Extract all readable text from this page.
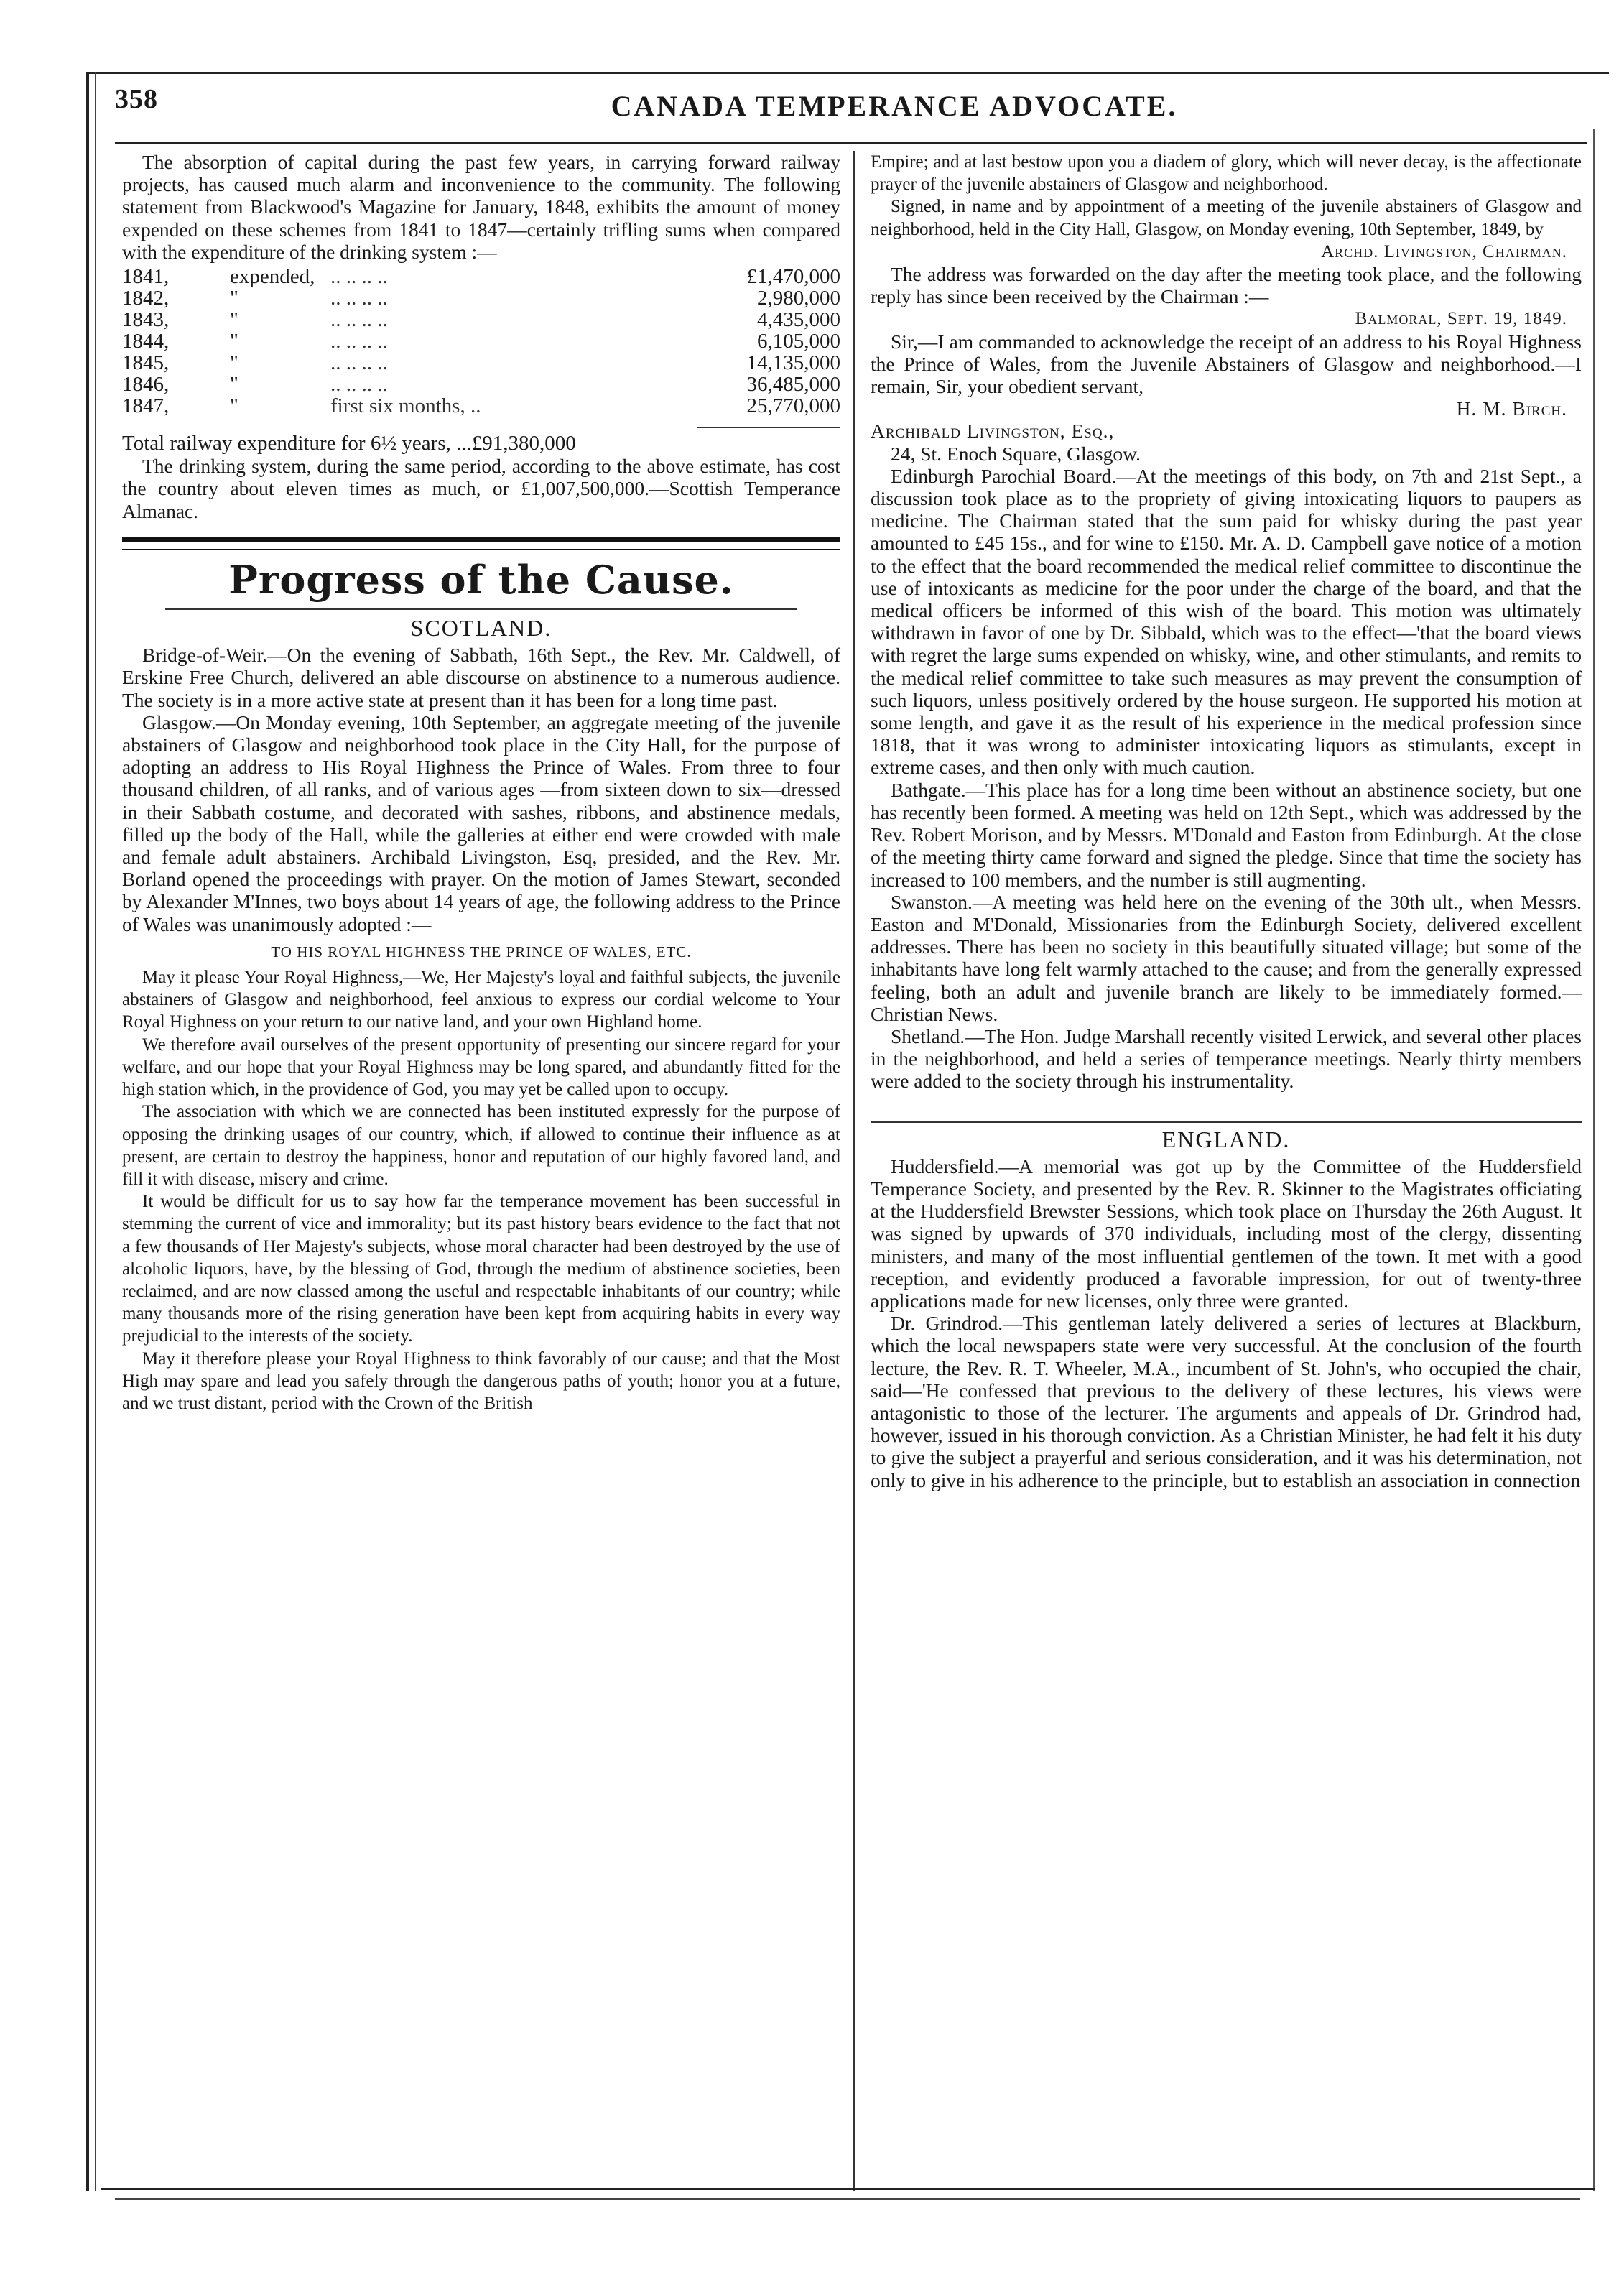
358	CANADA TEMPERANCE ADVOCATE.

The absorption of capital during the past few years, in carrying forward railway projects, has caused much alarm and inconvenience to the community. The following statement from Blackwood's Magazine for January, 1848, exhibits the amount of money expended on these schemes from 1841 to 1847—certainly trifling sums when compared with the expenditure of the drinking system :—

1841,	expended,	.. .. .. ..	£1,470,000
1842,	"	.. .. .. ..	2,980,000
1843,	"	.. .. .. ..	4,435,000
1844,	"	.. .. .. ..	6,105,000
1845,	"	.. .. .. ..	14,135,000
1846,	"	.. .. .. ..	36,485,000
1847,	"	first six months, ..	25,770,000

Total railway expenditure for 6½ years, ...£91,380,000

The drinking system, during the same period, according to the above estimate, has cost the country about eleven times as much, or £1,007,500,000.—Scottish Temperance Almanac.

Progress of the Cause.
SCOTLAND.

Bridge-of-Weir.—On the evening of Sabbath, 16th Sept., the Rev. Mr. Caldwell, of Erskine Free Church, delivered an able discourse on abstinence to a numerous audience. The society is in a more active state at present than it has been for a long time past.

Glasgow.—On Monday evening, 10th September, an aggregate meeting of the juvenile abstainers of Glasgow and neighborhood took place in the City Hall, for the purpose of adopting an address to His Royal Highness the Prince of Wales. From three to four thousand children, of all ranks, and of various ages —from sixteen down to six—dressed in their Sabbath costume, and decorated with sashes, ribbons, and abstinence medals, filled up the body of the Hall, while the galleries at either end were crowded with male and female adult abstainers. Archibald Livingston, Esq, presided, and the Rev. Mr. Borland opened the proceedings with prayer. On the motion of James Stewart, seconded by Alexander M'Innes, two boys about 14 years of age, the following address to the Prince of Wales was unanimously adopted :—

TO HIS ROYAL HIGHNESS THE PRINCE OF WALES, ETC.

May it please Your Royal Highness,—We, Her Majesty's loyal and faithful subjects, the juvenile abstainers of Glasgow and neighborhood, feel anxious to express our cordial welcome to Your Royal Highness on your return to our native land, and your own Highland home.

We therefore avail ourselves of the present opportunity of presenting our sincere regard for your welfare, and our hope that your Royal Highness may be long spared, and abundantly fitted for the high station which, in the providence of God, you may yet be called upon to occupy.

The association with which we are connected has been instituted expressly for the purpose of opposing the drinking usages of our country, which, if allowed to continue their influence as at present, are certain to destroy the happiness, honor and reputation of our highly favored land, and fill it with disease, misery and crime.

It would be difficult for us to say how far the temperance movement has been successful in stemming the current of vice and immorality; but its past history bears evidence to the fact that not a few thousands of Her Majesty's subjects, whose moral character had been destroyed by the use of alcoholic liquors, have, by the blessing of God, through the medium of abstinence societies, been reclaimed, and are now classed among the useful and respectable inhabitants of our country; while many thousands more of the rising generation have been kept from acquiring habits in every way prejudicial to the interests of the society.

May it therefore please your Royal Highness to think favorably of our cause; and that the Most High may spare and lead you safely through the dangerous paths of youth; honor you at a future, and we trust distant, period with the Crown of the British

Empire; and at last bestow upon you a diadem of glory, which will never decay, is the affectionate prayer of the juvenile abstainers of Glasgow and neighborhood.

Signed, in name and by appointment of a meeting of the juvenile abstainers of Glasgow and neighborhood, held in the City Hall, Glasgow, on Monday evening, 10th September, 1849, by

Archd. Livingston, Chairman.

The address was forwarded on the day after the meeting took place, and the following reply has since been received by the Chairman :—

Balmoral, Sept. 19, 1849.

Sir,—I am commanded to acknowledge the receipt of an address to his Royal Highness the Prince of Wales, from the Juvenile Abstainers of Glasgow and neighborhood.—I remain, Sir, your obedient servant,

H. M. Birch.

Archibald Livingston, Esq.,

24, St. Enoch Square, Glasgow.

Edinburgh Parochial Board.—At the meetings of this body, on 7th and 21st Sept., a discussion took place as to the propriety of giving intoxicating liquors to paupers as medicine. The Chairman stated that the sum paid for whisky during the past year amounted to £45 15s., and for wine to £150. Mr. A. D. Campbell gave notice of a motion to the effect that the board recommended the medical relief committee to discontinue the use of intoxicants as medicine for the poor under the charge of the board, and that the medical officers be informed of this wish of the board. This motion was ultimately withdrawn in favor of one by Dr. Sibbald, which was to the effect—'that the board views with regret the large sums expended on whisky, wine, and other stimulants, and remits to the medical relief committee to take such measures as may prevent the consumption of such liquors, unless positively ordered by the house surgeon. He supported his motion at some length, and gave it as the result of his experience in the medical profession since 1818, that it was wrong to administer intoxicating liquors as stimulants, except in extreme cases, and then only with much caution.

Bathgate.—This place has for a long time been without an abstinence society, but one has recently been formed. A meeting was held on 12th Sept., which was addressed by the Rev. Robert Morison, and by Messrs. M'Donald and Easton from Edinburgh. At the close of the meeting thirty came forward and signed the pledge. Since that time the society has increased to 100 members, and the number is still augmenting.

Swanston.—A meeting was held here on the evening of the 30th ult., when Messrs. Easton and M'Donald, Missionaries from the Edinburgh Society, delivered excellent addresses. There has been no society in this beautifully situated village; but some of the inhabitants have long felt warmly attached to the cause; and from the generally expressed feeling, both an adult and juvenile branch are likely to be immediately formed.—Christian News.

Shetland.—The Hon. Judge Marshall recently visited Lerwick, and several other places in the neighborhood, and held a series of temperance meetings. Nearly thirty members were added to the society through his instrumentality.

ENGLAND.

Huddersfield.—A memorial was got up by the Committee of the Huddersfield Temperance Society, and presented by the Rev. R. Skinner to the Magistrates officiating at the Huddersfield Brewster Sessions, which took place on Thursday the 26th August. It was signed by upwards of 370 individuals, including most of the clergy, dissenting ministers, and many of the most influential gentlemen of the town. It met with a good reception, and evidently produced a favorable impression, for out of twenty-three applications made for new licenses, only three were granted.

Dr. Grindrod.—This gentleman lately delivered a series of lectures at Blackburn, which the local newspapers state were very successful. At the conclusion of the fourth lecture, the Rev. R. T. Wheeler, M.A., incumbent of St. John's, who occupied the chair, said—'He confessed that previous to the delivery of these lectures, his views were antagonistic to those of the lecturer. The arguments and appeals of Dr. Grindrod had, however, issued in his thorough conviction. As a Christian Minister, he had felt it his duty to give the subject a prayerful and serious consideration, and it was his determination, not only to give in his adherence to the principle, but to establish an association in connection
